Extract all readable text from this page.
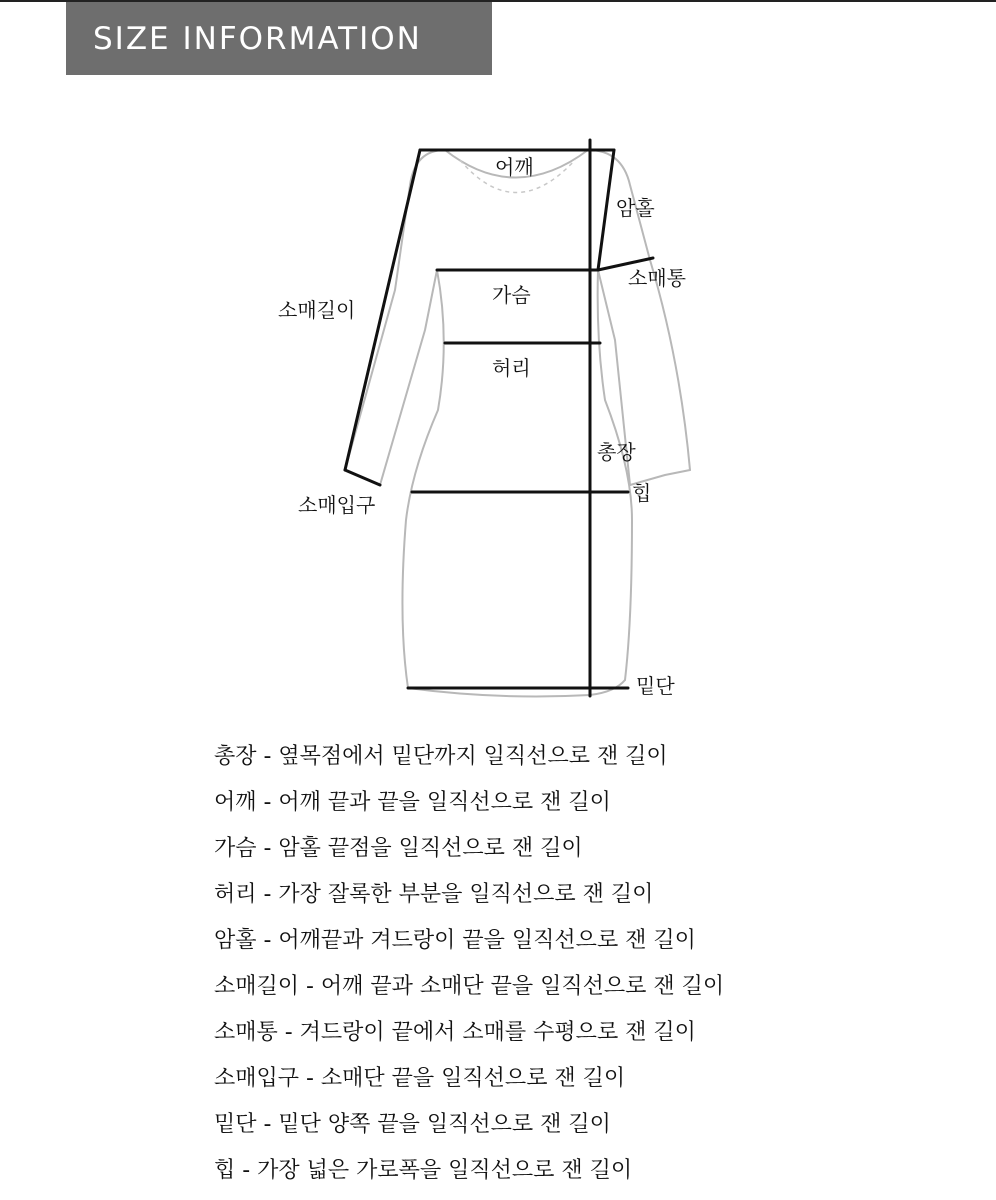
SIZE INFORMATION
어깨
암홀
소매통
소매길이
가슴
허리
총장
힙
소매입구
밑단
총장 - 옆목점에서 밑단까지 일직선으로 잰 길이
어깨 - 어깨 끝과 끝을 일직선으로 잰 길이
가슴 - 암홀 끝점을 일직선으로 잰 길이
허리 - 가장 잘록한 부분을 일직선으로 잰 길이
암홀 - 어깨끝과 겨드랑이 끝을 일직선으로 잰 길이
소매길이 - 어깨 끝과 소매단 끝을 일직선으로 잰 길이
소매통 - 겨드랑이 끝에서 소매를 수평으로 잰 길이
소매입구 - 소매단 끝을 일직선으로 잰 길이
밑단 - 밑단 양쪽 끝을 일직선으로 잰 길이
힙 - 가장 넓은 가로폭을 일직선으로 잰 길이
